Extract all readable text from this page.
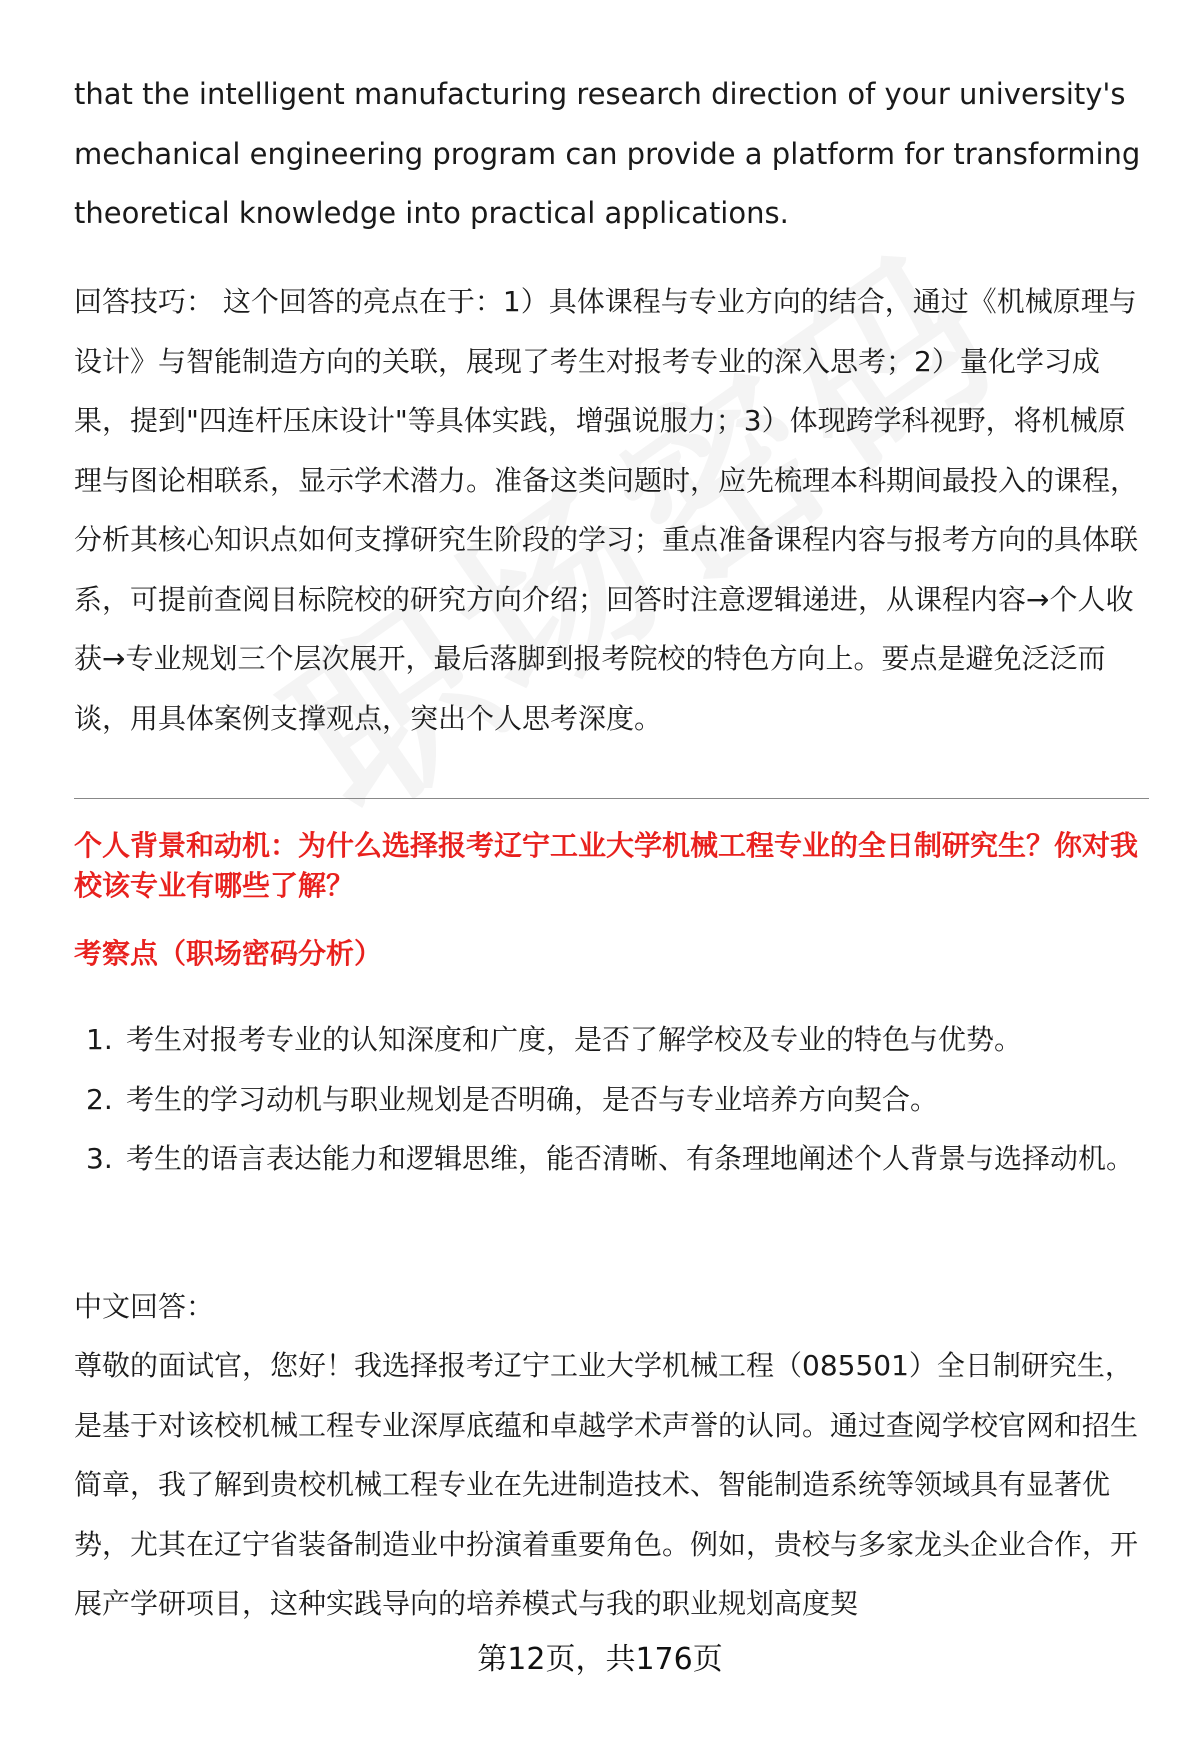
that the intelligent manufacturing research direction of your university's mechanical engineering program can provide a platform for transforming theoretical knowledge into practical applications.

回答技巧： 这个回答的亮点在于：1）具体课程与专业方向的结合，通过《机械原理与设计》与智能制造方向的关联，展现了考生对报考专业的深入思考；2）量化学习成果，提到"四连杆压床设计"等具体实践，增强说服力；3）体现跨学科视野，将机械原理与图论相联系，显示学术潜力。准备这类问题时，应先梳理本科期间最投入的课程，分析其核心知识点如何支撑研究生阶段的学习；重点准备课程内容与报考方向的具体联系，可提前查阅目标院校的研究方向介绍；回答时注意逻辑递进，从课程内容→个人收获→专业规划三个层次展开，最后落脚到报考院校的特色方向上。要点是避免泛泛而谈，用具体案例支撑观点，突出个人思考深度。

个人背景和动机：为什么选择报考辽宁工业大学机械工程专业的全日制研究生？你对我校该专业有哪些了解？

考察点（职场密码分析）

1. 考生对报考专业的认知深度和广度，是否了解学校及专业的特色与优势。
2. 考生的学习动机与职业规划是否明确，是否与专业培养方向契合。
3. 考生的语言表达能力和逻辑思维，能否清晰、有条理地阐述个人背景与选择动机。

中文回答：

尊敬的面试官，您好！我选择报考辽宁工业大学机械工程（085501）全日制研究生，是基于对该校机械工程专业深厚底蕴和卓越学术声誉的认同。通过查阅学校官网和招生简章，我了解到贵校机械工程专业在先进制造技术、智能制造系统等领域具有显著优势，尤其在辽宁省装备制造业中扮演着重要角色。例如，贵校与多家龙头企业合作，开展产学研项目，这种实践导向的培养模式与我的职业规划高度契

第12页，共176页
